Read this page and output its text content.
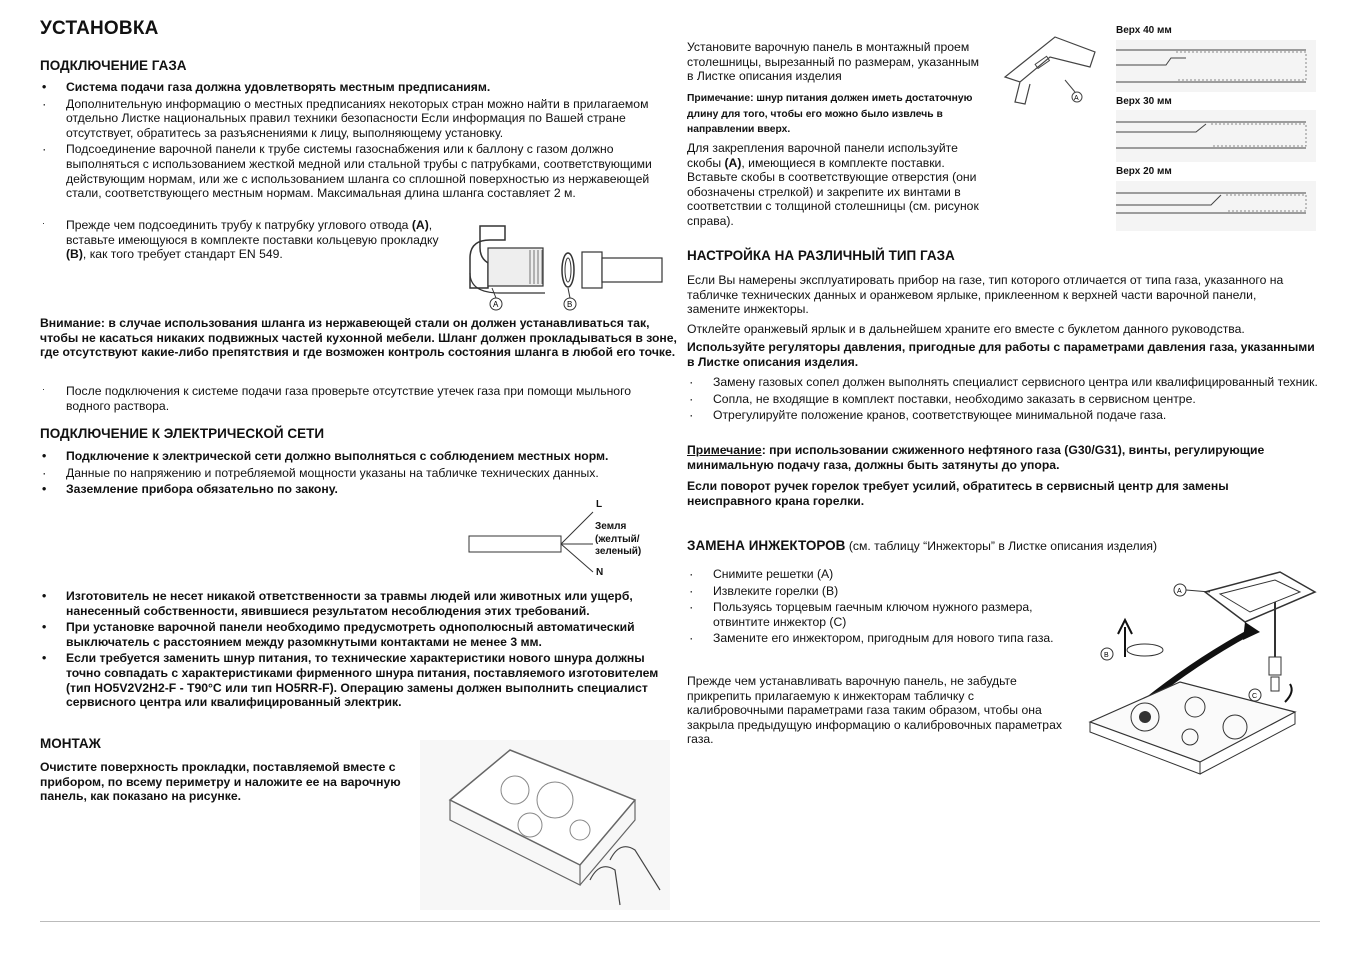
УСТАНОВКА
ПОДКЛЮЧЕНИЕ ГАЗА
• Система подачи газа должна удовлетворять местным предписаниям.
· Дополнительную информацию о местных предписаниях некоторых стран можно найти в прилагаемом отдельно Листке национальных правил техники безопасности Если информация по Вашей стране отсутствует, обратитесь за разъяснениями к лицу, выполняющему установку.
· Подсоединение варочной панели к трубе системы газоснабжения или к баллону с газом должно выполняться с использованием жесткой медной или стальной трубы с патрубками, соответствующими действующим нормам, или же с использованием шланга со сплошной поверхностью из нержавеющей стали, соответствующего местным нормам. Максимальная длина шланга составляет 2 м.
Прежде чем подсоединить трубу к патрубку углового отвода (A), вставьте имеющуюся в комплекте поставки кольцевую прокладку (B), как того требует стандарт EN 549.
·
A	B
Внимание: в случае использования шланга из нержавеющей стали он должен устанавливаться так, чтобы не касаться никаких подвижных частей кухонной мебели. Шланг должен прокладываться в зоне, где отсутствуют какие-либо препятствия и где возможен контроль состояния шланга в любой его точке.
После подключения к системе подачи газа проверьте отсутствие утечек газа при помощи мыльного водного раствора.
·
ПОДКЛЮЧЕНИЕ К ЭЛЕКТРИЧЕСКОЙ СЕТИ
• Подключение к электрической сети должно выполняться с соблюдением местных норм.
· Данные по напряжению и потребляемой мощности указаны на табличке технических данных.
• Заземление прибора обязательно по закону.
L
Земля (желтый/ зеленый)
N
• Изготовитель не несет никакой ответственности за травмы людей или животных или ущерб, нанесенный собственности, явившиеся результатом несоблюдения этих требований.
• При установке варочной панели необходимо предусмотреть однополюсный автоматический выключатель с расстоянием между разомкнутыми контактами не менее 3 мм.
• Если требуется заменить шнур питания, то технические характеристики нового шнура должны точно совпадать с характеристиками фирменного шнура питания, поставляемого изготовителем (тип HO5V2V2H2-F - T90°C или тип HO5RR-F). Операцию замены должен выполнить специалист сервисного центра или квалифицированный электрик.
МОНТАЖ
Очистите поверхность прокладки, поставляемой вместе с прибором, по всему периметру и наложите ее на варочную панель, как показано на рисунке.
Установите варочную панель в монтажный проем столешницы, вырезанный по размерам, указанным в Листке описания изделия
Примечание: шнур питания должен иметь достаточную длину для того, чтобы его можно было извлечь в направлении вверх.
Для закрепления варочной панели используйте скобы (A), имеющиеся в комплекте поставки. Вставьте скобы в соответствующие отверстия (они обозначены стрелкой) и закрепите их винтами в соответствии с толщиной столешницы (см. рисунок справа).
A
Верх 40 мм
Верх 30 мм
Верх 20 мм
НАСТРОЙКА НА РАЗЛИЧНЫЙ ТИП ГАЗА
Если Вы намерены эксплуатировать прибор на газе, тип которого отличается от типа газа, указанного на табличке технических данных и оранжевом ярлыке, приклеенном к верхней части варочной панели, замените инжекторы.
Отклейте оранжевый ярлык и в дальнейшем храните его вместе с буклетом данного руководства.
Используйте регуляторы давления, пригодные для работы с параметрами давления газа, указанными в Листке описания изделия.
· Замену газовых сопел должен выполнять специалист сервисного центра или квалифицированный техник.
· Сопла, не входящие в комплект поставки, необходимо заказать в сервисном центре.
· Отрегулируйте положение кранов, соответствующее минимальной подаче газа.
Примечание: при использовании сжиженного нефтяного газа (G30/G31), винты, регулирующие минимальную подачу газа, должны быть затянуты до упора.
Если поворот ручек горелок требует усилий, обратитесь в сервисный центр для замены неисправного крана горелки.
ЗАМЕНА ИНЖЕКТОРОВ (см. таблицу “Инжекторы” в Листке описания изделия)
· Снимите решетки (A)
· Извлеките горелки (B)
· Пользуясь торцевым гаечным ключом нужного размера, отвинтите инжектор (C)
· Замените его инжектором, пригодным для нового типа газа.
Прежде чем устанавливать варочную панель, не забудьте прикрепить прилагаемую к инжекторам табличку с калибровочными параметрами газа таким образом, чтобы она закрыла предыдущую информацию о калибровочных параметрах газа.
A
B
C
